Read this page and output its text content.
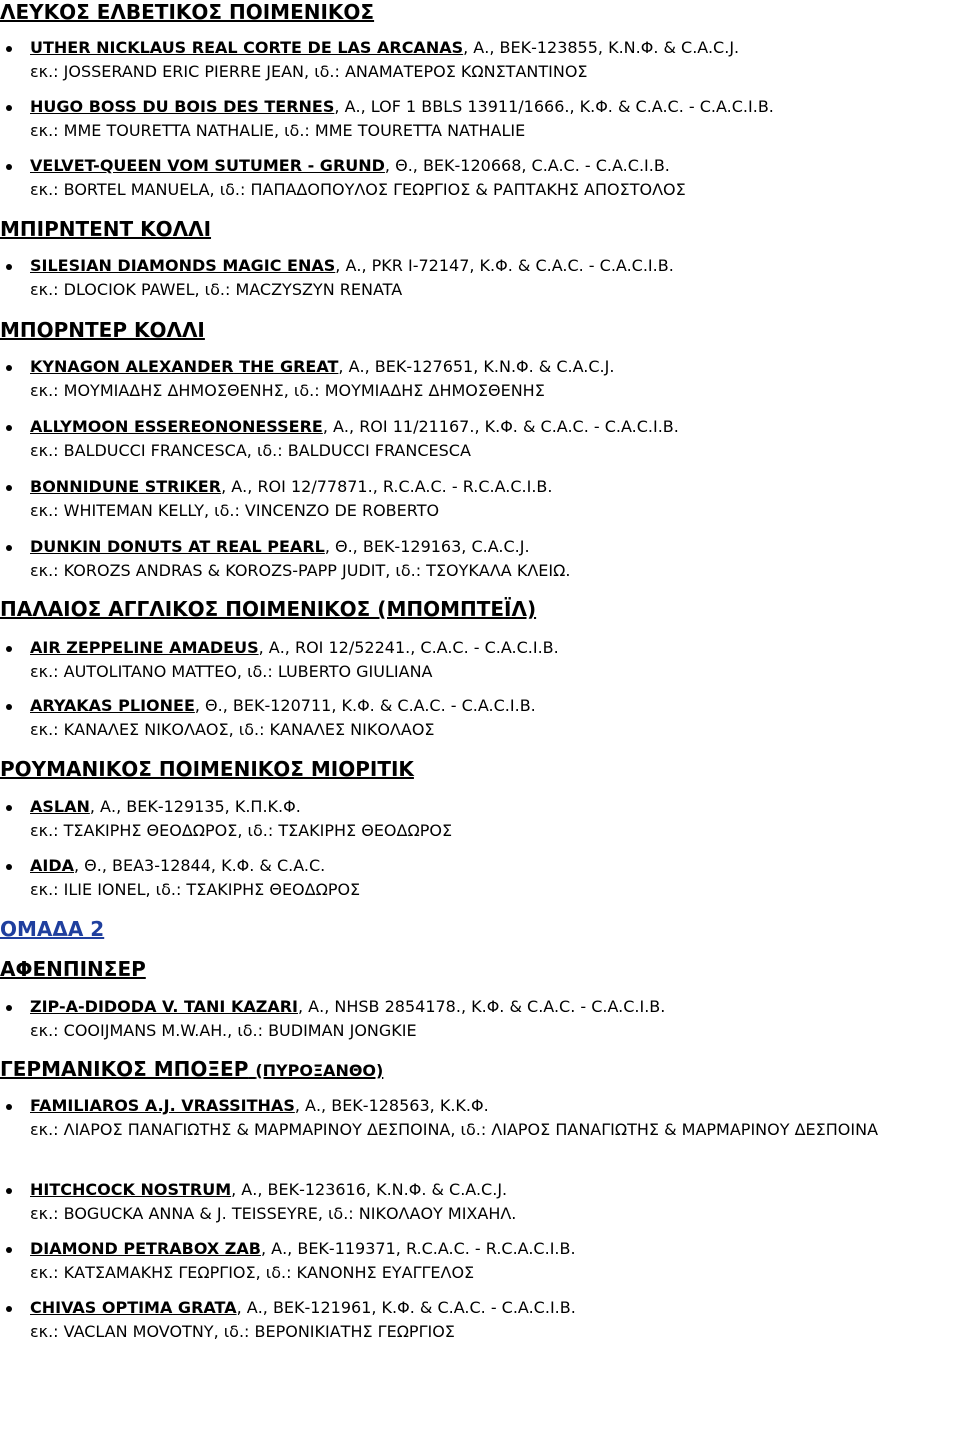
ΛΕΥΚΟΣ ΕΛΒΕΤΙΚΟΣ ΠΟΙΜΕΝΙΚΟΣ
UTHER NICKLAUS REAL CORTE DE LAS ARCANAS, Α., ΒΕΚ-123855, Κ.Ν.Φ. & C.A.C.J.
εκ.: JOSSERAND ERIC PIERRE JEAN, ιδ.: ΑΝΑΜΑΤΕΡΟΣ ΚΩΝΣΤΑΝΤΙΝΟΣ
HUGO BOSS DU BOIS DES TERNES, Α., LOF 1 BBLS 13911/1666., Κ.Φ. & C.A.C. - C.A.C.I.B.
εκ.: MME TOURETTA NATHALIE, ιδ.: MME TOURETTA NATHALIE
VELVET-QUEEN VOM SUTUMER - GRUND, Θ., ΒΕΚ-120668, C.A.C. - C.A.C.I.B.
εκ.: BORTEL MANUELA, ιδ.: ΠΑΠΑΔΟΠΟΥΛΟΣ ΓΕΩΡΓΙΟΣ & ΡΑΠΤΑΚΗΣ ΑΠΟΣΤΟΛΟΣ
ΜΠΙΡΝΤΕΝΤ ΚΟΛΛΙ
SILESIAN DIAMONDS MAGIC ENAS, Α., PKR I-72147, Κ.Φ. & C.A.C. - C.A.C.I.B.
εκ.: DLOCIOK PAWEL, ιδ.: MACZYSZYN RENATA
ΜΠΟΡΝΤΕΡ ΚΟΛΛΙ
KYNAGON ALEXANDER THE GREAT, Α., ΒΕΚ-127651, Κ.Ν.Φ. & C.A.C.J.
εκ.: ΜΟΥΜΙΑΔΗΣ ΔΗΜΟΣΘΕΝΗΣ, ιδ.: ΜΟΥΜΙΑΔΗΣ ΔΗΜΟΣΘΕΝΗΣ
ALLYMOON ESSEREONONESSERE, Α., ROI 11/21167., Κ.Φ. & C.A.C. - C.A.C.I.B.
εκ.: BALDUCCI FRANCESCA, ιδ.: BALDUCCI FRANCESCA
BONNIDUNE STRIKER, Α., ROI 12/77871., R.C.A.C. - R.C.A.C.I.B.
εκ.: WHITEMAN KELLY, ιδ.: VINCENZO DE ROBERTO
DUNKIN DONUTS AT REAL PEARL, Θ., ΒΕΚ-129163, C.A.C.J.
εκ.: KOROZS ANDRAS & KOROZS-PAPP JUDIT, ιδ.: ΤΣΟΥΚΑΛΑ ΚΛΕΙΩ.
ΠΑΛΑΙΟΣ ΑΓΓΛΙΚΟΣ ΠΟΙΜΕΝΙΚΟΣ (ΜΠΟΜΠΤΕΪΛ)
AIR ZEPPELINE AMADEUS, Α., ROI 12/52241., C.A.C. - C.A.C.I.B.
εκ.: AUTOLITANO MATTEO, ιδ.: LUBERTO GIULIANA
ARYAKAS PLIONEE, Θ., ΒΕΚ-120711, Κ.Φ. & C.A.C. - C.A.C.I.B.
εκ.: ΚΑΝΑΛΕΣ ΝΙΚΟΛΑΟΣ, ιδ.: ΚΑΝΑΛΕΣ ΝΙΚΟΛΑΟΣ
ΡΟΥΜΑΝΙΚΟΣ ΠΟΙΜΕΝΙΚΟΣ ΜΙΟΡΙΤΙΚ
ASLAN, Α., ΒΕΚ-129135, Κ.Π.Κ.Φ.
εκ.: ΤΣΑΚΙΡΗΣ ΘΕΟΔΩΡΟΣ, ιδ.: ΤΣΑΚΙΡΗΣ ΘΕΟΔΩΡΟΣ
AIDA, Θ., ΒΕΑ3-12844, Κ.Φ. & C.A.C.
εκ.: ILIE IONEL, ιδ.: ΤΣΑΚΙΡΗΣ ΘΕΟΔΩΡΟΣ
ΟΜΑΔΑ 2
ΑΦΕΝΠΙΝΣΕΡ
ZIP-A-DIDODA V. TANI KAZARI, Α., NHSB 2854178., Κ.Φ. & C.A.C. - C.A.C.I.B.
εκ.: COOIJMANS M.W.AH., ιδ.: BUDIMAN JONGKIE
ΓΕΡΜΑΝΙΚΟΣ ΜΠΟΞΕΡ (ΠΥΡΟΞΑΝΘΟ)
FAMILIAROS A.J. VRASSITHAS, Α., ΒΕΚ-128563, Κ.Κ.Φ.
εκ.: ΛΙΑΡΟΣ ΠΑΝΑΓΙΩΤΗΣ & ΜΑΡΜΑΡΙΝΟΥ ΔΕΣΠΟΙΝΑ, ιδ.: ΛΙΑΡΟΣ ΠΑΝΑΓΙΩΤΗΣ & ΜΑΡΜΑΡΙΝΟΥ ΔΕΣΠΟΙΝΑ
HITCHCOCK NOSTRUM, Α., ΒΕΚ-123616, Κ.Ν.Φ. & C.A.C.J.
εκ.: BOGUCKA ANNA & J. TEISSEYRE, ιδ.: ΝΙΚΟΛΑΟΥ ΜΙΧΑΗΛ.
DIAMOND PETRABOX ZAB, Α., ΒΕΚ-119371, R.C.A.C. - R.C.A.C.I.B.
εκ.: ΚΑΤΣΑΜΑΚΗΣ ΓΕΩΡΓΙΟΣ, ιδ.: ΚΑΝΟΝΗΣ ΕΥΑΓΓΕΛΟΣ
CHIVAS OPTIMA GRATA, Α., ΒΕΚ-121961, Κ.Φ. & C.A.C. - C.A.C.I.B.
εκ.: VACLAN MOVOTNY, ιδ.: ΒΕΡΟΝΙΚΙΑΤΗΣ ΓΕΩΡΓΙΟΣ
